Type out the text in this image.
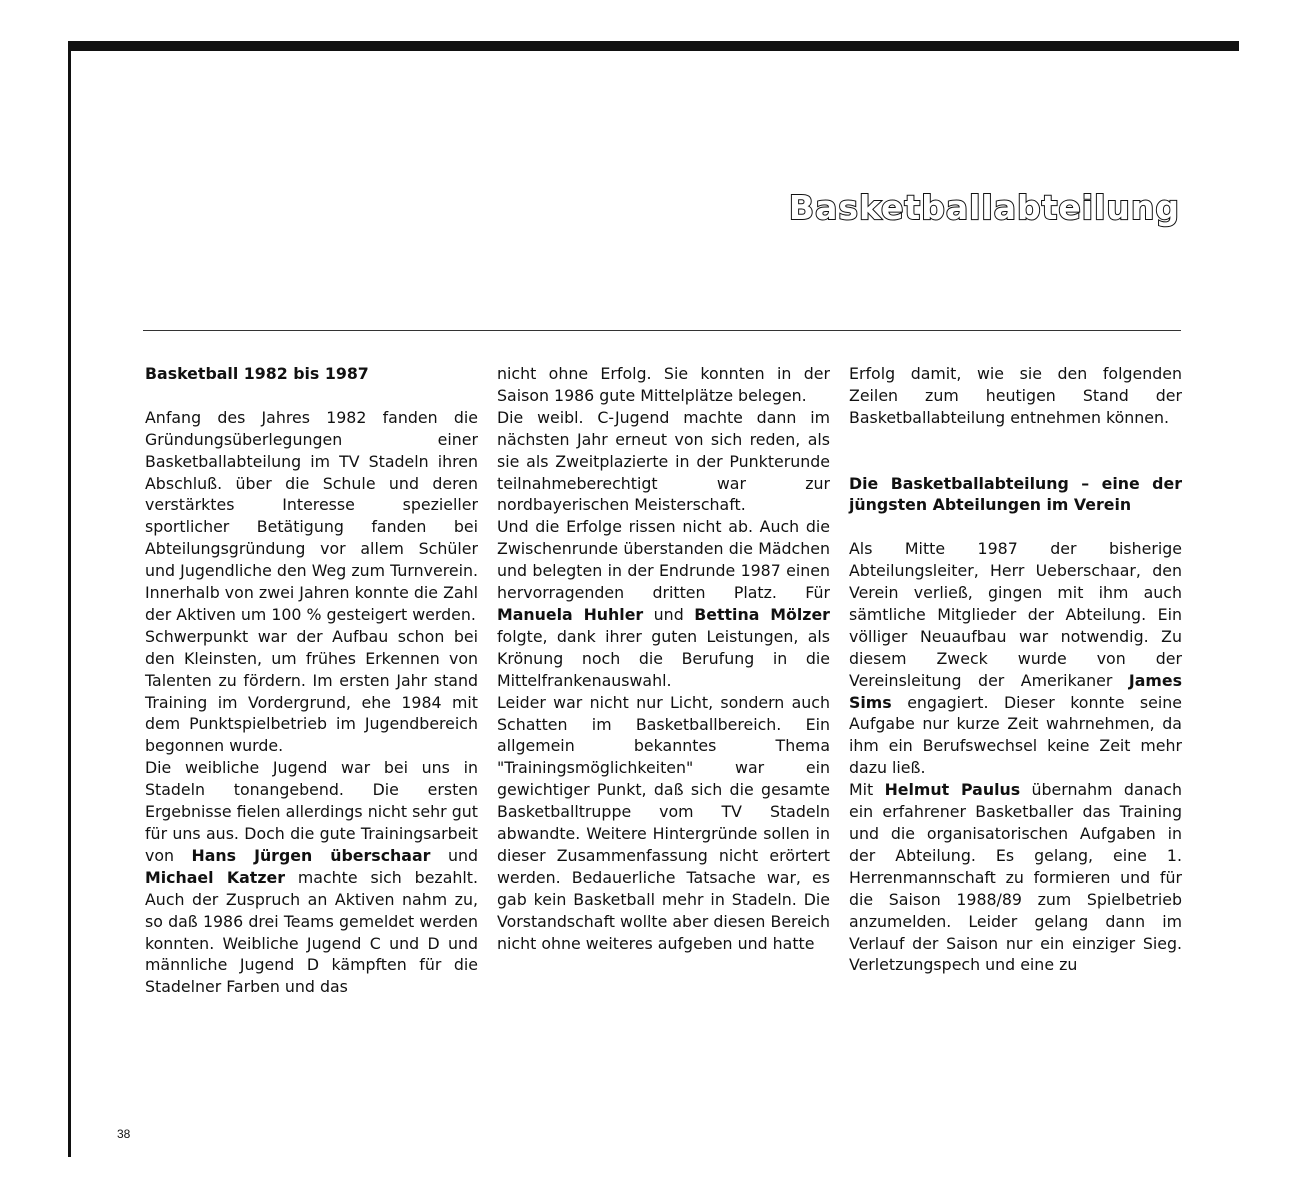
Basketballabteilung

Basketball 1982 bis 1987

Anfang des Jahres 1982 fanden die Gründungsüberlegungen einer Basketballabteilung im TV Stadeln ihren Abschluß. über die Schule und deren verstärktes Interesse spezieller sportlicher Betätigung fanden bei Abteilungsgründung vor allem Schüler und Jugendliche den Weg zum Turnverein. Innerhalb von zwei Jahren konnte die Zahl der Aktiven um 100 % gesteigert werden.

Schwerpunkt war der Aufbau schon bei den Kleinsten, um frühes Erkennen von Talenten zu fördern. Im ersten Jahr stand Training im Vordergrund, ehe 1984 mit dem Punktspielbetrieb im Jugendbereich begonnen wurde.

Die weibliche Jugend war bei uns in Stadeln tonangebend. Die ersten Ergebnisse fielen allerdings nicht sehr gut für uns aus. Doch die gute Trainingsarbeit von Hans Jürgen überschaar und Michael Katzer machte sich bezahlt. Auch der Zuspruch an Aktiven nahm zu, so daß 1986 drei Teams gemeldet werden konnten. Weibliche Jugend C und D und männliche Jugend D kämpften für die Stadelner Farben und das

nicht ohne Erfolg. Sie konnten in der Saison 1986 gute Mittelplätze belegen.

Die weibl. C-Jugend machte dann im nächsten Jahr erneut von sich reden, als sie als Zweitplazierte in der Punkterunde teilnahmeberechtigt war zur nordbayerischen Meisterschaft.

Und die Erfolge rissen nicht ab. Auch die Zwischenrunde überstanden die Mädchen und belegten in der Endrunde 1987 einen hervorragenden dritten Platz. Für Manuela Huhler und Bettina Mölzer folgte, dank ihrer guten Leistungen, als Krönung noch die Berufung in die Mittelfrankenauswahl.

Leider war nicht nur Licht, sondern auch Schatten im Basketballbereich. Ein allgemein bekanntes Thema "Trainingsmöglichkeiten" war ein gewichtiger Punkt, daß sich die gesamte Basketballtruppe vom TV Stadeln abwandte. Weitere Hintergründe sollen in dieser Zusammenfassung nicht erörtert werden. Bedauerliche Tatsache war, es gab kein Basketball mehr in Stadeln. Die Vorstandschaft wollte aber diesen Bereich nicht ohne weiteres aufgeben und hatte

Erfolg damit, wie sie den folgenden Zeilen zum heutigen Stand der Basketballabteilung entnehmen können.

Die Basketballabteilung – eine der jüngsten Abteilungen im Verein

Als Mitte 1987 der bisherige Abteilungsleiter, Herr Ueberschaar, den Verein verließ, gingen mit ihm auch sämtliche Mitglieder der Abteilung. Ein völliger Neuaufbau war notwendig. Zu diesem Zweck wurde von der Vereinsleitung der Amerikaner James Sims engagiert. Dieser konnte seine Aufgabe nur kurze Zeit wahrnehmen, da ihm ein Berufswechsel keine Zeit mehr dazu ließ.

Mit Helmut Paulus übernahm danach ein erfahrener Basketballer das Training und die organisatorischen Aufgaben in der Abteilung. Es gelang, eine 1. Herrenmannschaft zu formieren und für die Saison 1988/89 zum Spielbetrieb anzumelden. Leider gelang dann im Verlauf der Saison nur ein einziger Sieg. Verletzungspech und eine zu

38
